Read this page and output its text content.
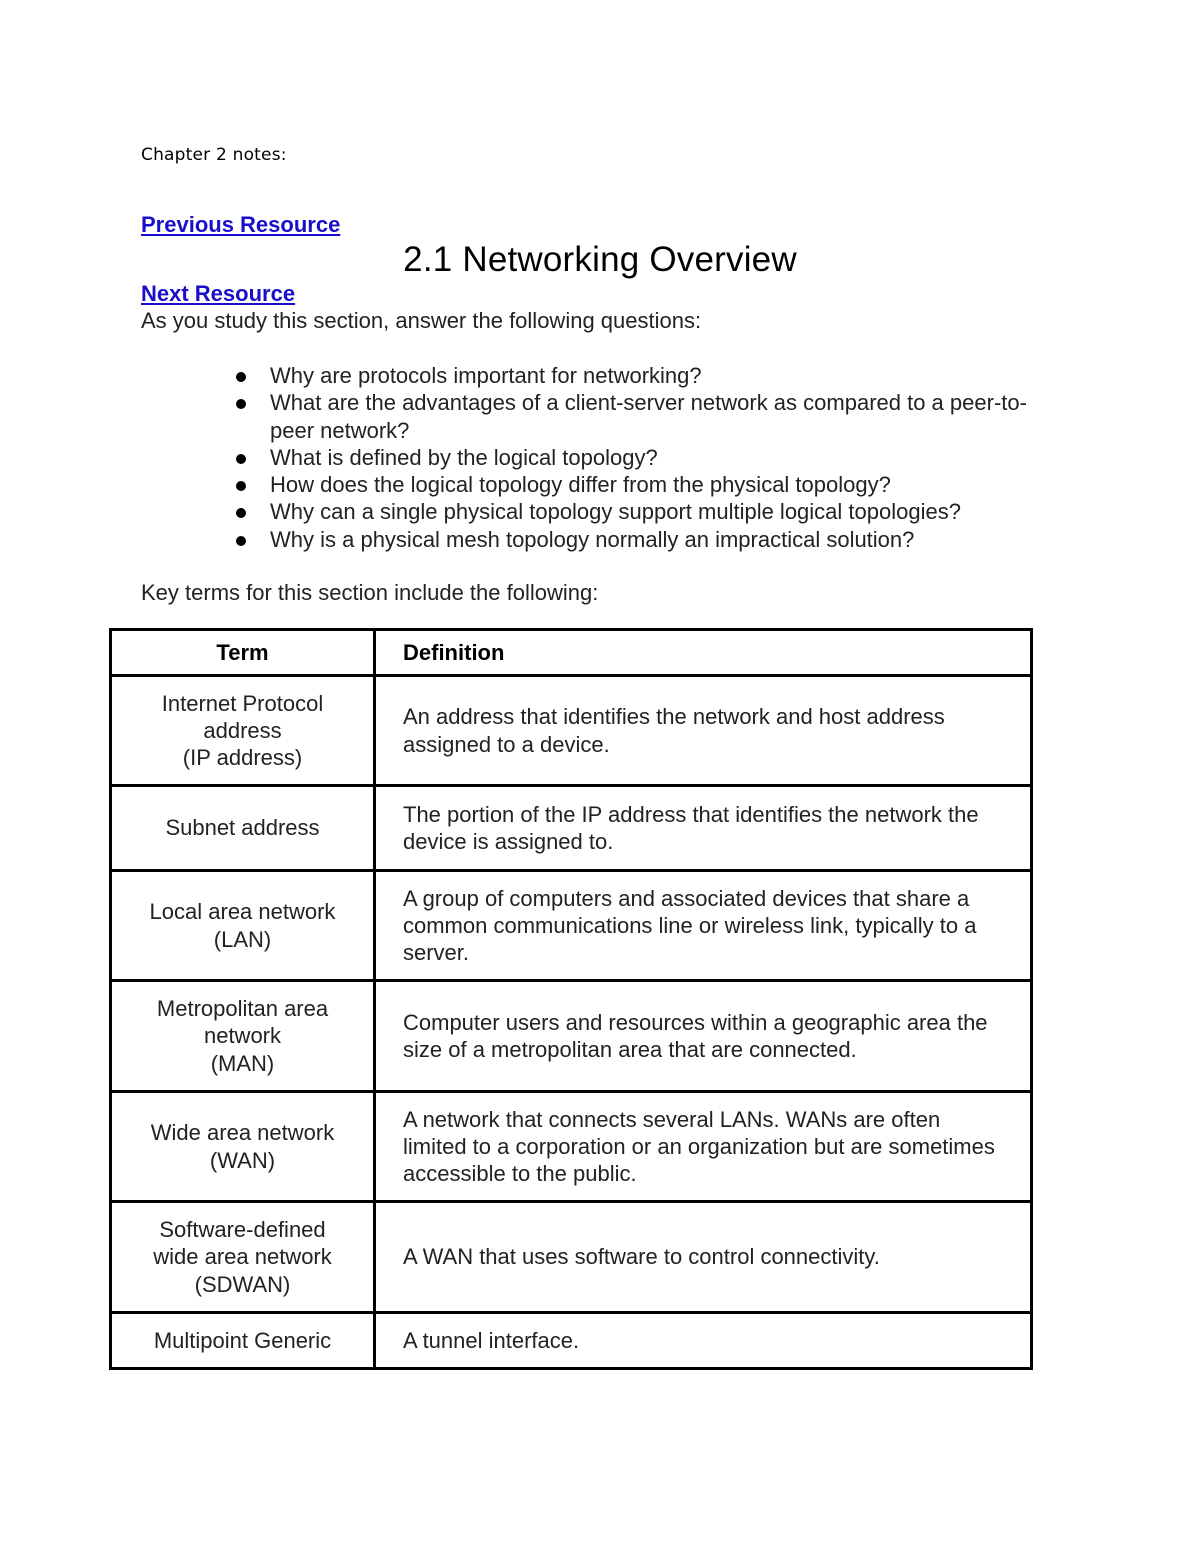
Chapter 2 notes:
Previous Resource
2.1 Networking Overview
Next Resource
As you study this section, answer the following questions:
Why are protocols important for networking?
What are the advantages of a client-server network as compared to a peer-to-peer network?
What is defined by the logical topology?
How does the logical topology differ from the physical topology?
Why can a single physical topology support multiple logical topologies?
Why is a physical mesh topology normally an impractical solution?
Key terms for this section include the following:
Term	Definition
Internet Protocol
address
(IP address)	An address that identifies the network and host address assigned to a device.
Subnet address	The portion of the IP address that identifies the network the device is assigned to.
Local area network
(LAN)	A group of computers and associated devices that share a common communications line or wireless link, typically to a server.
Metropolitan area
network
(MAN)	Computer users and resources within a geographic area the size of a metropolitan area that are connected.
Wide area network
(WAN)	A network that connects several LANs. WANs are often limited to a corporation or an organization but are sometimes accessible to the public.
Software-defined
wide area network
(SDWAN)	A WAN that uses software to control connectivity.
Multipoint Generic	A tunnel interface.
